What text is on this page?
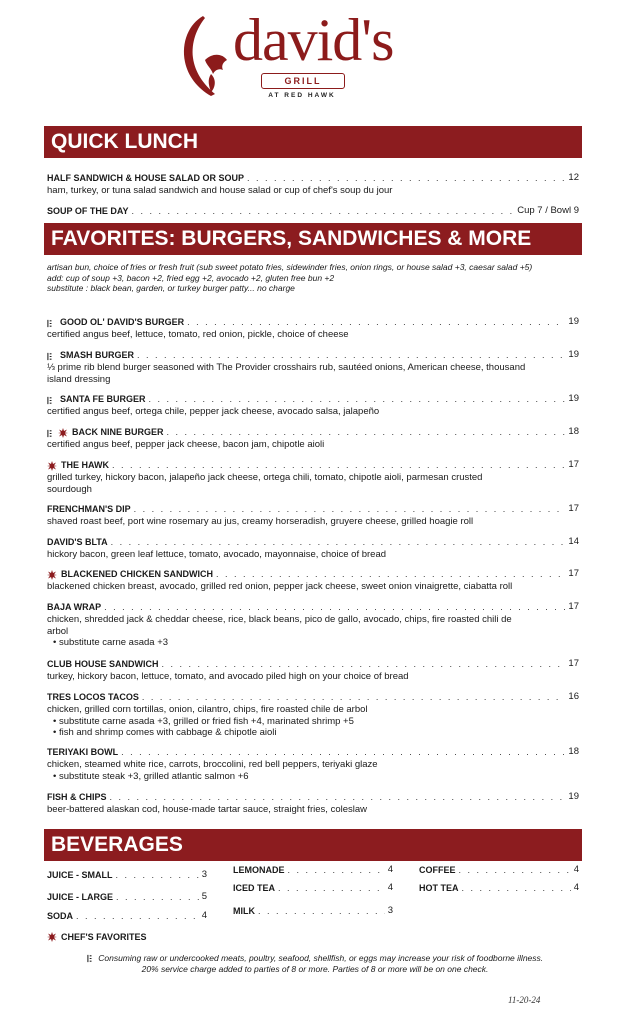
david's
GRILL
AT RED HAWK
QUICK LUNCH
HALF SANDWICH & HOUSE SALAD OR SOUP . . .	12
ham, turkey, or tuna salad sandwich and house salad or cup of chef's soup du jour
SOUP OF THE DAY . . .	Cup 7 / Bowl 9
FAVORITES: BURGERS, SANDWICHES & MORE
artisan bun, choice of fries or fresh fruit (sub sweet potato fries, sidewinder fries, onion rings, or house salad +3, caesar salad +5)
add: cup of soup +3, bacon +2, fried egg +2, avocado +2, gluten free bun +2
substitute : black bean, garden, or turkey burger patty... no charge
GOOD OL' DAVID'S BURGER . . .	19
certified angus beef, lettuce, tomato, red onion, pickle, choice of cheese
SMASH BURGER . . .	19
⅓ prime rib blend burger seasoned with The Provider crosshairs rub, sautéed onions, American cheese, thousand island dressing
SANTA FE BURGER . . .	19
certified angus beef, ortega chile, pepper jack cheese, avocado salsa, jalapeño
BACK NINE BURGER . . .	18
certified angus beef, pepper jack cheese, bacon jam, chipotle aioli
THE HAWK . . .	17
grilled turkey, hickory bacon, jalapeño jack cheese, ortega chili, tomato, chipotle aioli, parmesan crusted sourdough
FRENCHMAN'S DIP . . .	17
shaved roast beef, port wine rosemary au jus, creamy horseradish, gruyere cheese, grilled hoagie roll
DAVID'S BLTA . . .	14
hickory bacon, green leaf lettuce, tomato, avocado, mayonnaise, choice of bread
BLACKENED CHICKEN SANDWICH . . .	17
blackened chicken breast, avocado, grilled red onion, pepper jack cheese, sweet onion vinaigrette, ciabatta roll
BAJA WRAP . . .	17
chicken, shredded jack & cheddar cheese, rice, black beans, pico de gallo, avocado, chips, fire roasted chili de arbol
• substitute carne asada +3
CLUB HOUSE SANDWICH . . .	17
turkey, hickory bacon, lettuce, tomato, and avocado piled high on your choice of bread
TRES LOCOS TACOS . . .	16
chicken, grilled corn tortillas, onion, cilantro, chips, fire roasted chile de arbol
• substitute carne asada +3, grilled or fried fish +4, marinated shrimp +5
• fish and shrimp comes with cabbage & chipotle aioli
TERIYAKI BOWL . . .	18
chicken, steamed white rice, carrots, broccolini, red bell peppers, teriyaki glaze
• substitute steak +3, grilled atlantic salmon +6
FISH & CHIPS . . .	19
beer-battered alaskan cod, house-made tartar sauce, straight fries, coleslaw
BEVERAGES
JUICE - SMALL . . .	3
JUICE - LARGE . . .	5
SODA . . .	4
LEMONADE . . .	4
ICED TEA . . .	4
MILK . . .	3
COFFEE . . .	4
HOT TEA . . .	4
CHEF'S FAVORITES
Consuming raw or undercooked meats, poultry, seafood, shellfish, or eggs may increase your risk of foodborne illness.
20% service charge added to parties of 8 or more. Parties of 8 or more will be on one check.
11-20-24
